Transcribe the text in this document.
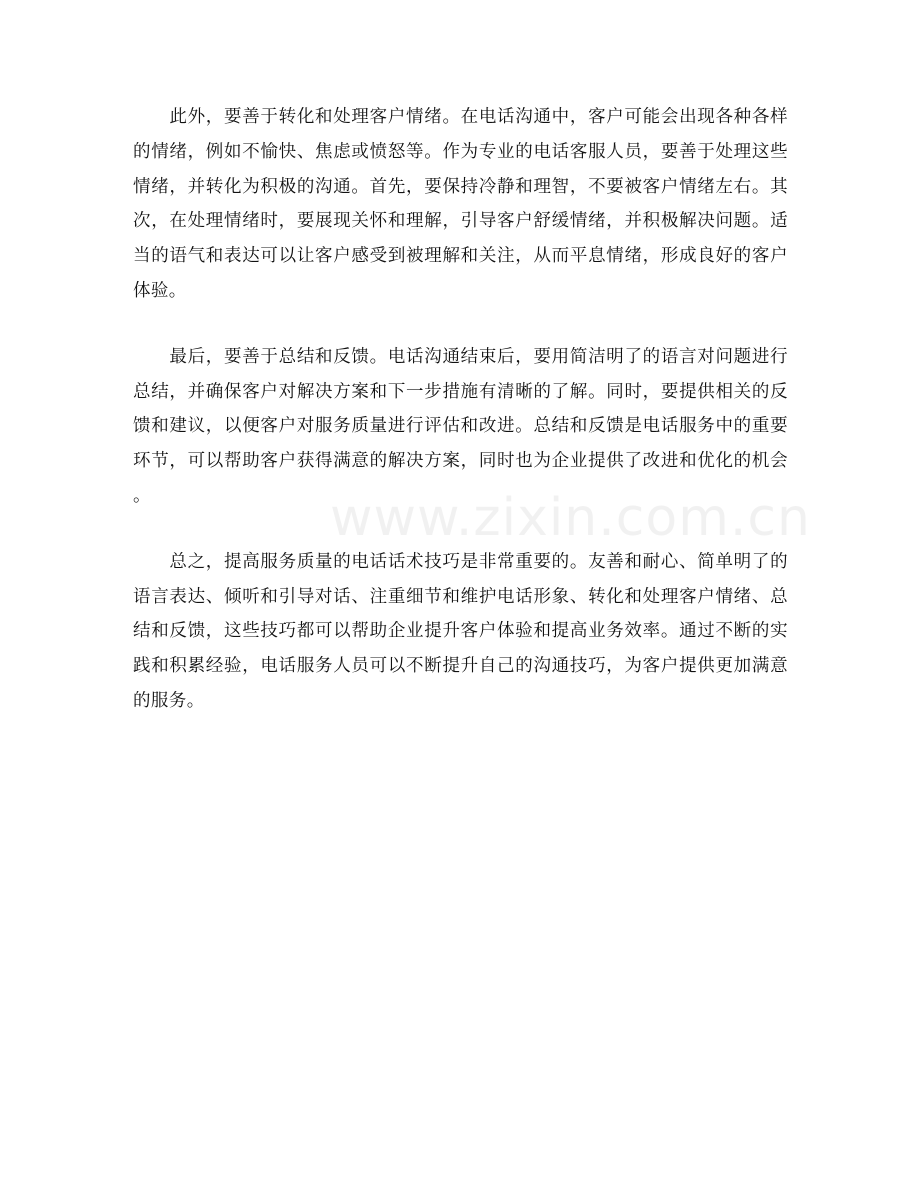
　　此外，要善于转化和处理客户情绪。在电话沟通中，客户可能会出现各种各样
的情绪，例如不愉快、焦虑或愤怒等。作为专业的电话客服人员，要善于处理这些
情绪，并转化为积极的沟通。首先，要保持冷静和理智，不要被客户情绪左右。其
次，在处理情绪时，要展现关怀和理解，引导客户舒缓情绪，并积极解决问题。适
当的语气和表达可以让客户感受到被理解和关注，从而平息情绪，形成良好的客户
体验。

　　最后，要善于总结和反馈。电话沟通结束后，要用简洁明了的语言对问题进行
总结，并确保客户对解决方案和下一步措施有清晰的了解。同时，要提供相关的反
馈和建议，以便客户对服务质量进行评估和改进。总结和反馈是电话服务中的重要
环节，可以帮助客户获得满意的解决方案，同时也为企业提供了改进和优化的机会
。

　　总之，提高服务质量的电话话术技巧是非常重要的。友善和耐心、简单明了的
语言表达、倾听和引导对话、注重细节和维护电话形象、转化和处理客户情绪、总
结和反馈，这些技巧都可以帮助企业提升客户体验和提高业务效率。通过不断的实
践和积累经验，电话服务人员可以不断提升自己的沟通技巧，为客户提供更加满意
的服务。

www.zixin.com.cn
